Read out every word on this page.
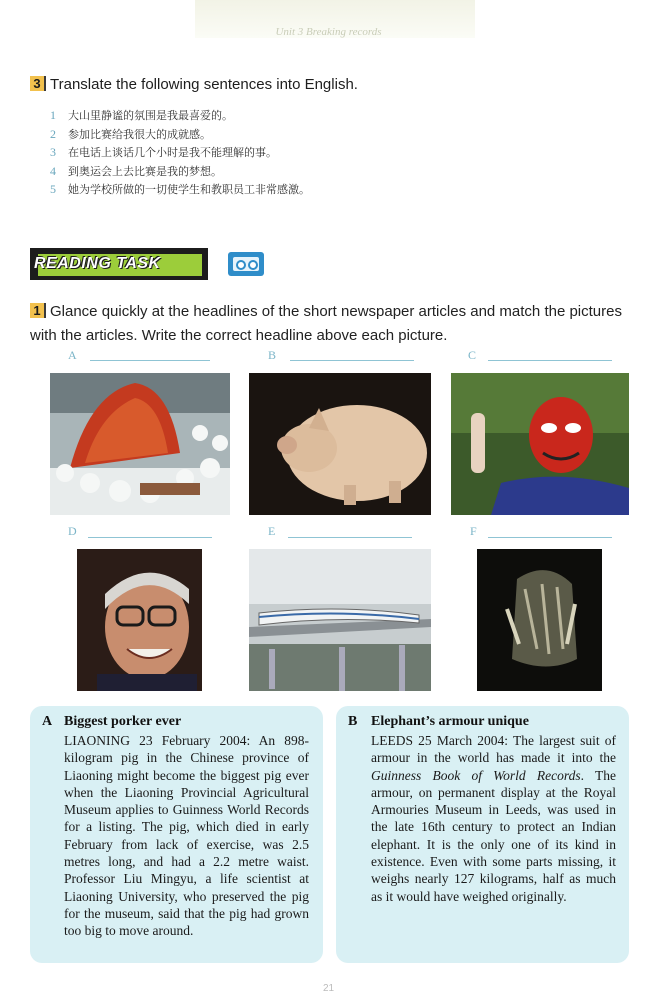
Unit 3 Breaking records
3 Translate the following sentences into English.
1 大山里静谧的氛围是我最喜爱的。
2 参加比赛给我很大的成就感。
3 在电话上谈话几个小时是我不能理解的事。
4 到奥运会上去比赛是我的梦想。
5 她为学校所做的一切使学生和教职员工非常感激。
READING TASK
1 Glance quickly at the headlines of the short newspaper articles and match the pictures with the articles. Write the correct headline above each picture.
A	B	C
D	E	F
A Biggest porker ever
LIAONING 23 February 2004: An 898-kilogram pig in the Chinese province of Liaoning might become the biggest pig ever when the Liaoning Provincial Agricultural Museum applies to Guinness World Records for a listing. The pig, which died in early February from lack of exercise, was 2.5 metres long, and had a 2.2 metre waist. Professor Liu Mingyu, a life scientist at Liaoning University, who preserved the pig for the museum, said that the pig had grown too big to move around.
B Elephant’s armour unique
LEEDS 25 March 2004: The largest suit of armour in the world has made it into the Guinness Book of World Records. The armour, on permanent display at the Royal Armouries Museum in Leeds, was used in the late 16th century to protect an Indian elephant. It is the only one of its kind in existence. Even with some parts missing, it weighs nearly 127 kilograms, half as much as it would have weighed originally.
21
